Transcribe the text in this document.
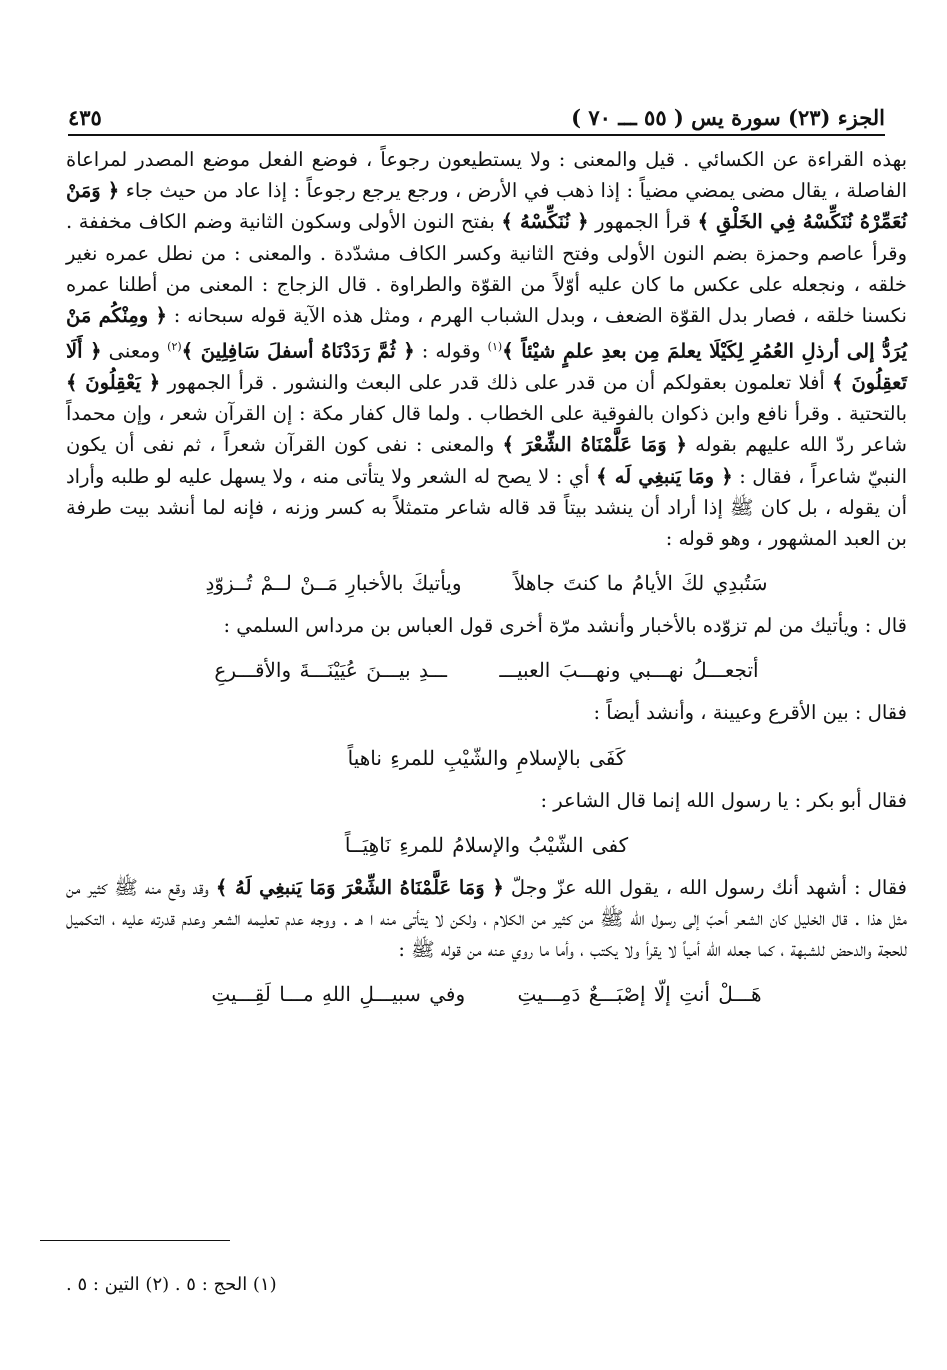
الجزء (٢٣) سورة يس ( ٥٥ ـــ ٧٠ )
٤٣٥

بهذه القراءة عن الكسائي . قيل والمعنى : ولا يستطيعون رجوعاً ، فوضع الفعل موضع المصدر لمراعاة الفاصلة ، يقال مضى يمضي مضياً : إذا ذهب في الأرض ، ورجع يرجع رجوعاً : إذا عاد من حيث جاء ﴿ وَمَنْ نُعَمِّرْهُ نُنَكِّسْهُ فِي الخَلْقِ ﴾ قرأ الجمهور ﴿ نُنَكِّسْهُ ﴾ بفتح النون الأولى وسكون الثانية وضم الكاف مخففة . وقرأ عاصم وحمزة بضم النون الأولى وفتح الثانية وكسر الكاف مشدّدة . والمعنى : من نطل عمره نغير خلقه ، ونجعله على عكس ما كان عليه أوّلاً من القوّة والطراوة . قال الزجاج : المعنى من أطلنا عمره نكسنا خلقه ، فصار بدل القوّة الضعف ، وبدل الشباب الهرم ، ومثل هذه الآية قوله سبحانه : ﴿ ومِنْكُم مَنْ يُرَدُّ إلى أرذلِ العُمُرِ لِكَيْلَا يعلمَ مِن بعدِ علمٍ شيْئاً ﴾$^{(١)}$ وقوله : ﴿ ثُمَّ رَدَدْنَاهُ أسفلَ سَافِلِينَ ﴾$^{(٢)}$ ومعنى ﴿ أَلَا تَعقِلُونَ ﴾ أفلا تعلمون بعقولكم أن من قدر على ذلك قدر على البعث والنشور . قرأ الجمهور ﴿ يَعْقِلُونَ ﴾ بالتحتية . وقرأ نافع وابن ذكوان بالفوقية على الخطاب . ولما قال كفار مكة : إن القرآن شعر ، وإن محمداً شاعر ردّ الله عليهم بقوله ﴿ وَمَا عَلَّمْنَاهُ الشِّعْرَ ﴾ والمعنى : نفى كون القرآن شعراً ، ثم نفى أن يكون النبيّ شاعراً ، فقال : ﴿ ومَا يَنبغِي لَه ﴾ أي : لا يصح له الشعر ولا يتأتى منه ، ولا يسهل عليه لو طلبه وأراد أن يقوله ، بل كان ﷺ إذا أراد أن ينشد بيتاً قد قاله شاعر متمثلاً به كسر وزنه ، فإنه لما أنشد بيت طرفة بن العبد المشهور ، وهو قوله :

سَتُبدِي لكَ الأيامُ ما كنتَ جاهلاً ويأتيكَ بالأخبارِ مَــنْ لــمْ تُــزوّدِ

قال : ويأتيك من لم تزوّده بالأخبار وأنشد مرّة أخرى قول العباس بن مرداس السلمي :

أتجعـــلُ نهـــبي ونهـــبَ العبيـــ ـــدِ بيـــنَ عُيَيْنَـــةَ والأقـــرعِ

فقال : بين الأقرع وعيينة ، وأنشد أيضاً :

كَفَى بالإسلامِ والشّيْبِ للمرءِ ناهياً

فقال أبو بكر : يا رسول الله إنما قال الشاعر :

كفى الشّيْبُ والإسلامُ للمرءِ نَاهِيَــاً

فقال : أشهد أنك رسول الله ، يقول الله عزّ وجلّ ﴿ وَمَا عَلَّمْنَاهُ الشِّعْرَ وَمَا يَنبغِي لَهُ ﴾ وقد وقع منه ﷺ كثير من مثل هذا . قال الخليل كان الشعر أحبّ إلى رسول الله ﷺ من كثير من الكلام ، ولكن لا يتأتى منه ا هـ . ووجه عدم تعليمه الشعر وعدم قدرته عليه ، التكميل للحجة والدحض للشبهة ، كما جعله الله أمياً لا يقرأ ولا يكتب ، وأما ما روي عنه من قوله ﷺ :

هَـــلْ أنتِ إلّا إصْبَـــعٌ دَمِـــيتِ وفي سبيـــلِ اللهِ مـــا لَقِـــيتِ
(١) الحج : ٥ . (٢) التين : ٥ .
